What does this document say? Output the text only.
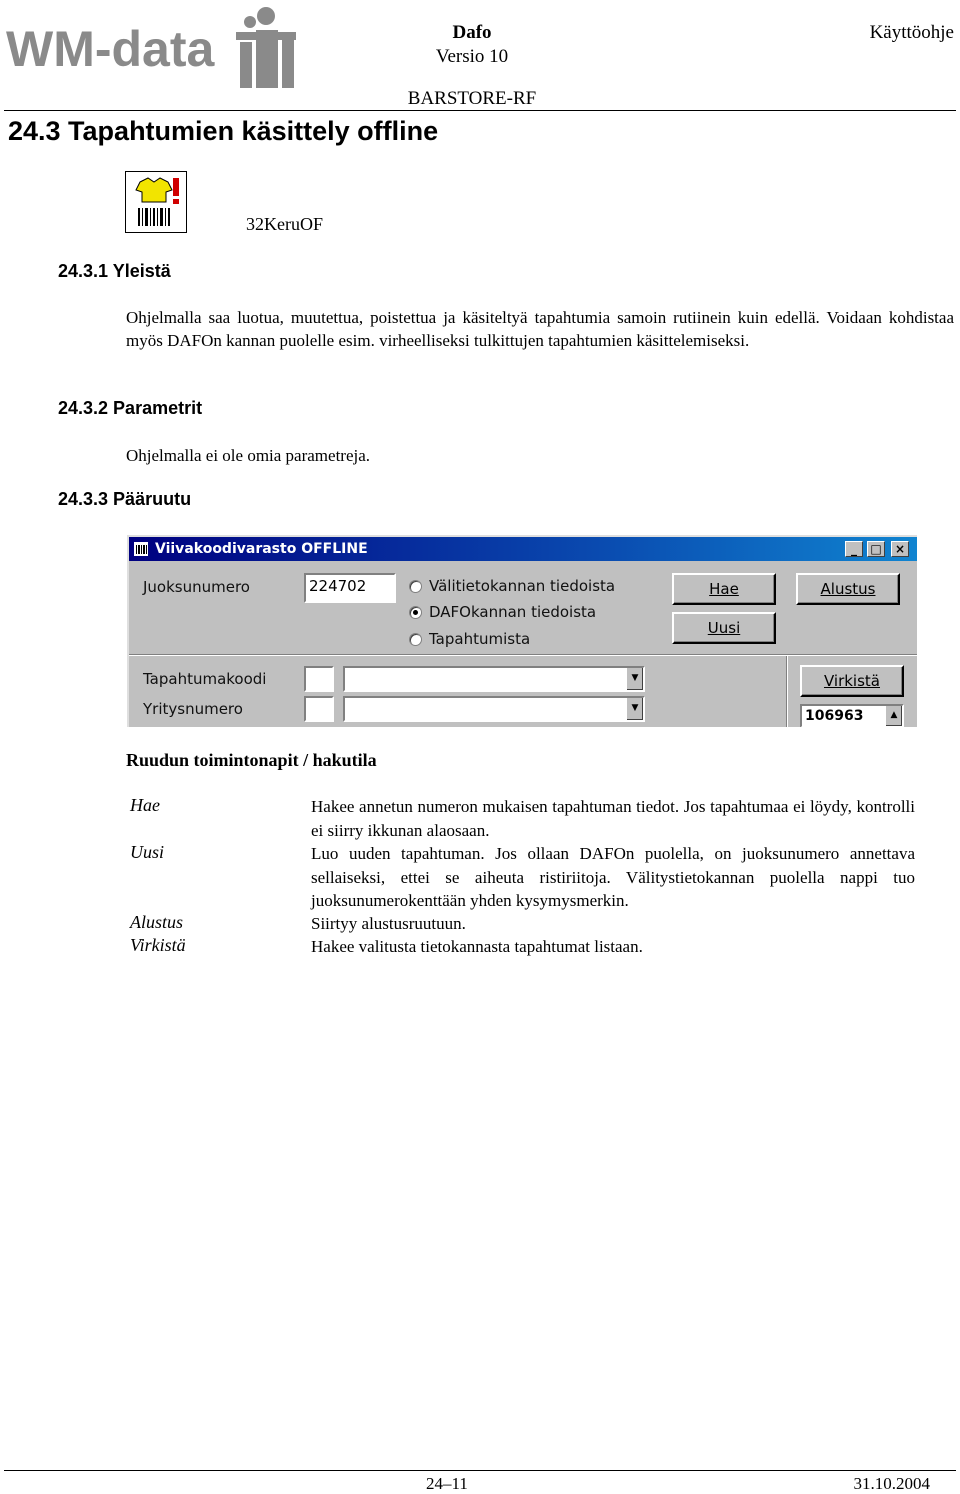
WM-data	Dafo
Versio 10
BARSTORE-RF
Käyttöohje
24.3 Tapahtumien käsittely offline
32KeruOF
24.3.1 Yleistä
Ohjelmalla saa luotua, muutettua, poistettua ja käsiteltyä tapahtumia samoin rutiinein kuin edellä. Voidaan kohdistaa myös DAFOn kannan puolelle esim. virheelliseksi tulkittujen tapahtumien käsittelemiseksi.
24.3.2 Parametrit
Ohjelmalla ei ole omia parametreja.
24.3.3 Pääruutu
Viivakoodivarasto OFFLINE	_	□	×
Juoksunumero	224702	Välitietokannan tiedoista
DAFOkannan tiedoista
Tapahtumista
Hae	Alustus
Uusi
Tapahtumakoodi	▼
Yritysnumero	▼
Virkistä
106963	▲
Ruudun toimintonapit / hakutila
Hae	Hakee annetun numeron mukaisen tapahtuman tiedot. Jos tapahtumaa ei löydy, kontrolli ei siirry ikkunan alaosaan.
Uusi	Luo uuden tapahtuman. Jos ollaan DAFOn puolella, on juoksunumero annettava sellaiseksi, ettei se aiheuta ristiriitoja. Välitystietokannan puolella nappi tuo juoksunumerokenttään yhden kysymysmerkin.
Alustus	Siirtyy alustusruutuun.
Virkistä	Hakee valitusta tietokannasta tapahtumat listaan.
24–11	31.10.2004
